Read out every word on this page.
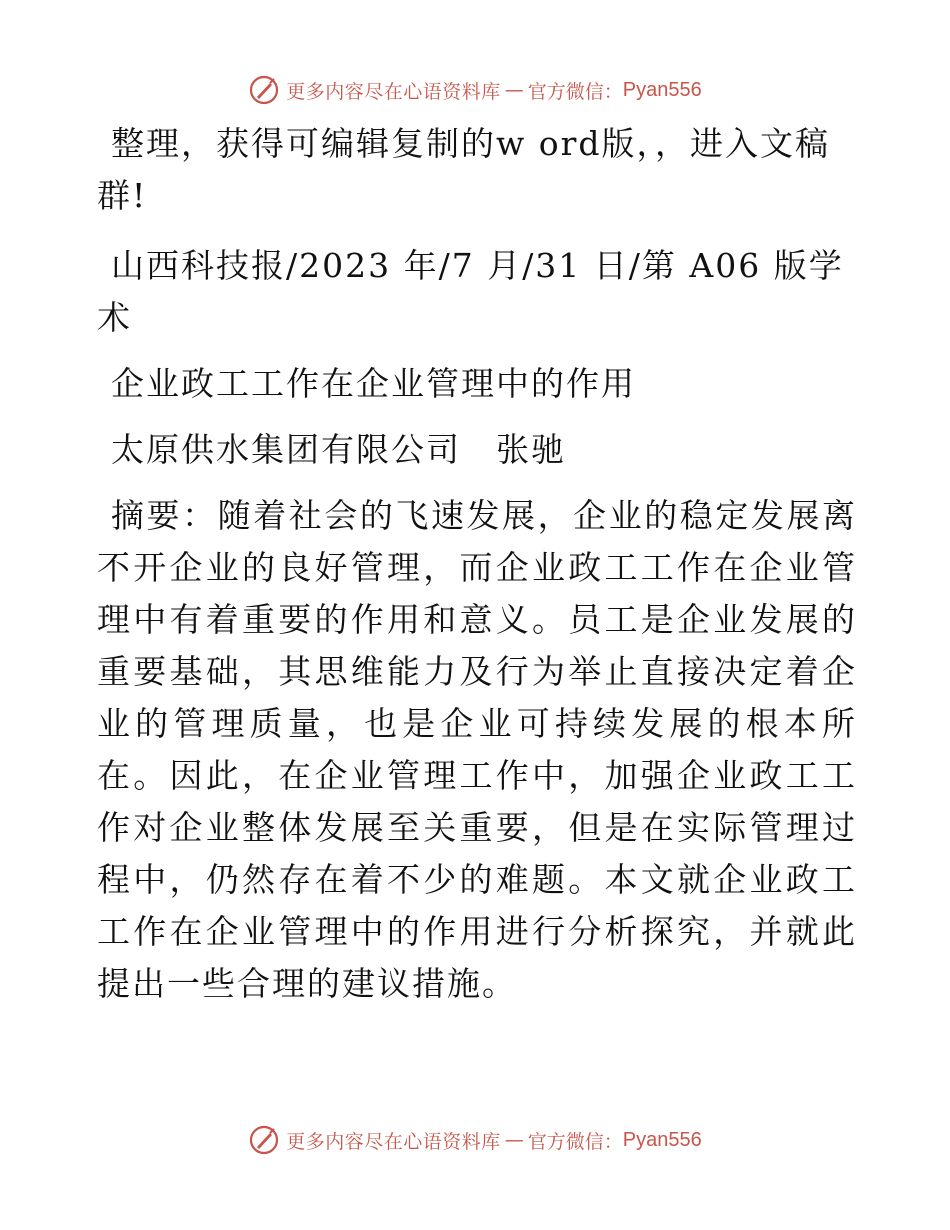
更多内容尽在心语资料库 — 官方微信： Pyan556

整理，获得可编辑复制的w ord版，，进入文稿群!

山西科技报/2023 年/7 月/31 日/第 A06 版学术

企业政工工作在企业管理中的作用

太原供水集团有限公司　张驰

摘要：随着社会的飞速发展，企业的稳定发展离不开企业的良好管理，而企业政工工作在企业管理中有着重要的作用和意义。员工是企业发展的重要基础，其思维能力及行为举止直接决定着企业的管理质量，也是企业可持续发展的根本所在。因此，在企业管理工作中，加强企业政工工作对企业整体发展至关重要，但是在实际管理过程中，仍然存在着不少的难题。本文就企业政工工作在企业管理中的作用进行分析探究，并就此提出一些合理的建议措施。

更多内容尽在心语资料库 — 官方微信： Pyan556
